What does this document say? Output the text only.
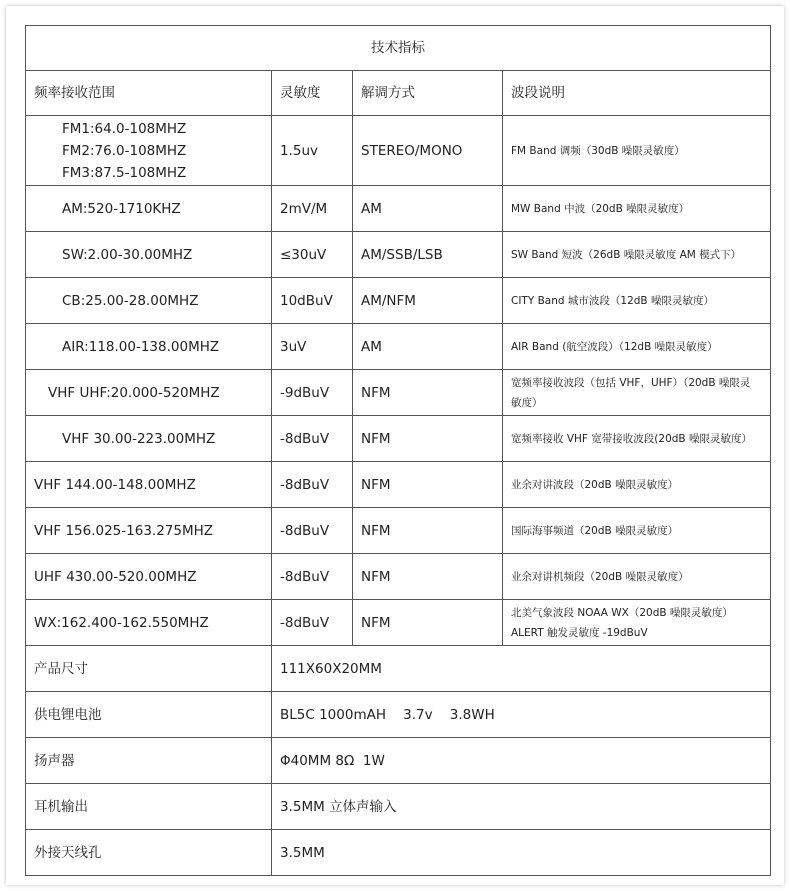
技术指标			
频率接收范围	灵敏度	解调方式	波段说明

FM1:64.0-108MHZ
FM2:76.0-108MHZ
FM3:87.5-108MHZ	1.5uv	STEREO/MONO	FM Band 调频（30dB 噪限灵敏度）
AM:520-1710KHZ	2mV/M	AM	MW Band 中波（20dB 噪限灵敏度）
SW:2.00-30.00MHZ	≤30uV	AM/SSB/LSB	SW Band 短波（26dB 噪限灵敏度 AM 模式下）
CB:25.00-28.00MHZ	10dBuV	AM/NFM	CITY Band 城市波段（12dB 噪限灵敏度）
AIR:118.00-138.00MHZ	3uV	AM	AIR Band (航空波段）（12dB 噪限灵敏度）
VHF UHF:20.000-520MHZ	-9dBuV	NFM	宽频率接收波段（包括 VHF，UHF）（20dB 噪限灵
敏度）

VHF 30.00-223.00MHZ	-8dBuV	NFM	宽频率接收 VHF 宽带接收波段(20dB 噪限灵敏度）
VHF 144.00-148.00MHZ	-8dBuV	NFM	业余对讲波段（20dB 噪限灵敏度）
VHF 156.025-163.275MHZ	-8dBuV	NFM	国际海事频道（20dB 噪限灵敏度）
UHF 430.00-520.00MHZ	-8dBuV	NFM	业余对讲机频段（20dB 噪限灵敏度）
WX:162.400-162.550MHZ	-8dBuV	NFM	北美气象波段 NOAA WX（20dB 噪限灵敏度）
ALERT 触发灵敏度 -19dBuV

产品尺寸	111X60X20MM		
供电锂电池	BL5C 1000mAH    3.7v    3.8WH		
扬声器	Φ40MM 8Ω  1W		
耳机输出	3.5MM 立体声输入		
外接天线孔	3.5MM		
